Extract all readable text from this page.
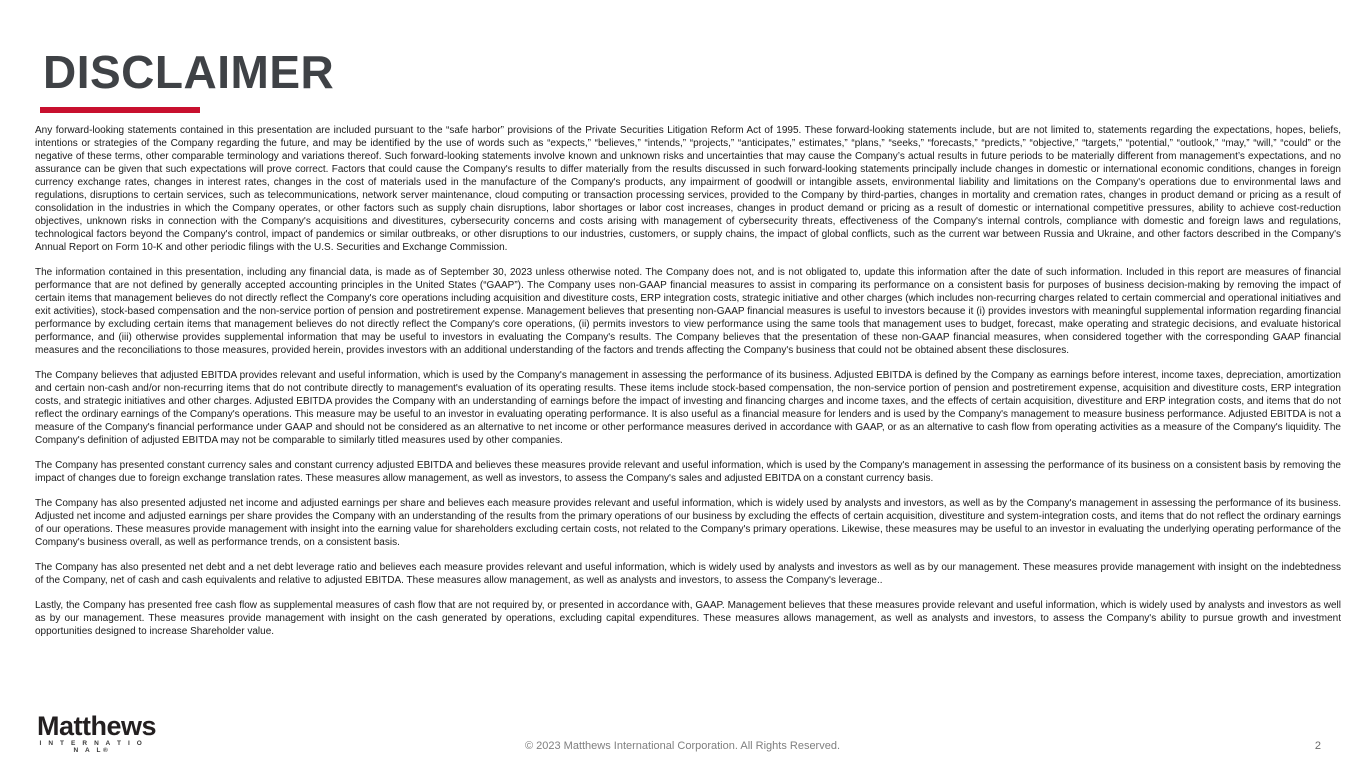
DISCLAIMER

Any forward-looking statements contained in this presentation are included pursuant to the “safe harbor” provisions of the Private Securities Litigation Reform Act of 1995. These forward-looking statements include, but are not limited to, statements regarding the expectations, hopes, beliefs, intentions or strategies of the Company regarding the future, and may be identified by the use of words such as “expects,” “believes,” “intends,” “projects,” “anticipates,” estimates,” “plans,” “seeks,” “forecasts,” “predicts,” “objective,” “targets,” “potential,” “outlook,” “may,” “will,” “could” or the negative of these terms, other comparable terminology and variations thereof. Such forward-looking statements involve known and unknown risks and uncertainties that may cause the Company’s actual results in future periods to be materially different from management’s expectations, and no assurance can be given that such expectations will prove correct. Factors that could cause the Company's results to differ materially from the results discussed in such forward-looking statements principally include changes in domestic or international economic conditions, changes in foreign currency exchange rates, changes in interest rates, changes in the cost of materials used in the manufacture of the Company's products, any impairment of goodwill or intangible assets, environmental liability and limitations on the Company's operations due to environmental laws and regulations, disruptions to certain services, such as telecommunications, network server maintenance, cloud computing or transaction processing services, provided to the Company by third-parties, changes in mortality and cremation rates, changes in product demand or pricing as a result of consolidation in the industries in which the Company operates, or other factors such as supply chain disruptions, labor shortages or labor cost increases, changes in product demand or pricing as a result of domestic or international competitive pressures, ability to achieve cost-reduction objectives, unknown risks in connection with the Company's acquisitions and divestitures, cybersecurity concerns and costs arising with management of cybersecurity threats, effectiveness of the Company's internal controls, compliance with domestic and foreign laws and regulations, technological factors beyond the Company's control, impact of pandemics or similar outbreaks, or other disruptions to our industries, customers, or supply chains, the impact of global conflicts, such as the current war between Russia and Ukraine, and other factors described in the Company's Annual Report on Form 10-K and other periodic filings with the U.S. Securities and Exchange Commission.

The information contained in this presentation, including any financial data, is made as of September 30, 2023 unless otherwise noted. The Company does not, and is not obligated to, update this information after the date of such information. Included in this report are measures of financial performance that are not defined by generally accepted accounting principles in the United States (“GAAP”). The Company uses non-GAAP financial measures to assist in comparing its performance on a consistent basis for purposes of business decision-making by removing the impact of certain items that management believes do not directly reflect the Company's core operations including acquisition and divestiture costs, ERP integration costs, strategic initiative and other charges (which includes non-recurring charges related to certain commercial and operational initiatives and exit activities), stock-based compensation and the non-service portion of pension and postretirement expense. Management believes that presenting non-GAAP financial measures is useful to investors because it (i) provides investors with meaningful supplemental information regarding financial performance by excluding certain items that management believes do not directly reflect the Company's core operations, (ii) permits investors to view performance using the same tools that management uses to budget, forecast, make operating and strategic decisions, and evaluate historical performance, and (iii) otherwise provides supplemental information that may be useful to investors in evaluating the Company's results. The Company believes that the presentation of these non-GAAP financial measures, when considered together with the corresponding GAAP financial measures and the reconciliations to those measures, provided herein, provides investors with an additional understanding of the factors and trends affecting the Company's business that could not be obtained absent these disclosures.

The Company believes that adjusted EBITDA provides relevant and useful information, which is used by the Company's management in assessing the performance of its business. Adjusted EBITDA is defined by the Company as earnings before interest, income taxes, depreciation, amortization and certain non-cash and/or non-recurring items that do not contribute directly to management's evaluation of its operating results. These items include stock-based compensation, the non-service portion of pension and postretirement expense, acquisition and divestiture costs, ERP integration costs, and strategic initiatives and other charges. Adjusted EBITDA provides the Company with an understanding of earnings before the impact of investing and financing charges and income taxes, and the effects of certain acquisition, divestiture and ERP integration costs, and items that do not reflect the ordinary earnings of the Company's operations. This measure may be useful to an investor in evaluating operating performance. It is also useful as a financial measure for lenders and is used by the Company's management to measure business performance. Adjusted EBITDA is not a measure of the Company's financial performance under GAAP and should not be considered as an alternative to net income or other performance measures derived in accordance with GAAP, or as an alternative to cash flow from operating activities as a measure of the Company's liquidity. The Company's definition of adjusted EBITDA may not be comparable to similarly titled measures used by other companies.

The Company has presented constant currency sales and constant currency adjusted EBITDA and believes these measures provide relevant and useful information, which is used by the Company's management in assessing the performance of its business on a consistent basis by removing the impact of changes due to foreign exchange translation rates. These measures allow management, as well as investors, to assess the Company's sales and adjusted EBITDA on a constant currency basis.

The Company has also presented adjusted net income and adjusted earnings per share and believes each measure provides relevant and useful information, which is widely used by analysts and investors, as well as by the Company's management in assessing the performance of its business. Adjusted net income and adjusted earnings per share provides the Company with an understanding of the results from the primary operations of our business by excluding the effects of certain acquisition, divestiture and system-integration costs, and items that do not reflect the ordinary earnings of our operations. These measures provide management with insight into the earning value for shareholders excluding certain costs, not related to the Company's primary operations. Likewise, these measures may be useful to an investor in evaluating the underlying operating performance of the Company's business overall, as well as performance trends, on a consistent basis.

The Company has also presented net debt and a net debt leverage ratio and believes each measure provides relevant and useful information, which is widely used by analysts and investors as well as by our management. These measures provide management with insight on the indebtedness of the Company, net of cash and cash equivalents and relative to adjusted EBITDA. These measures allow management, as well as analysts and investors, to assess the Company's leverage..

Lastly, the Company has presented free cash flow as supplemental measures of cash flow that are not required by, or presented in accordance with, GAAP. Management believes that these measures provide relevant and useful information, which is widely used by analysts and investors as well as by our management. These measures provide management with insight on the cash generated by operations, excluding capital expenditures. These measures allows management, as well as analysts and investors, to assess the Company's ability to pursue growth and investment opportunities designed to increase Shareholder value.

Matthews
I N T E R N A T I O N A L®	© 2023 Matthews International Corporation. All Rights Reserved.	2
